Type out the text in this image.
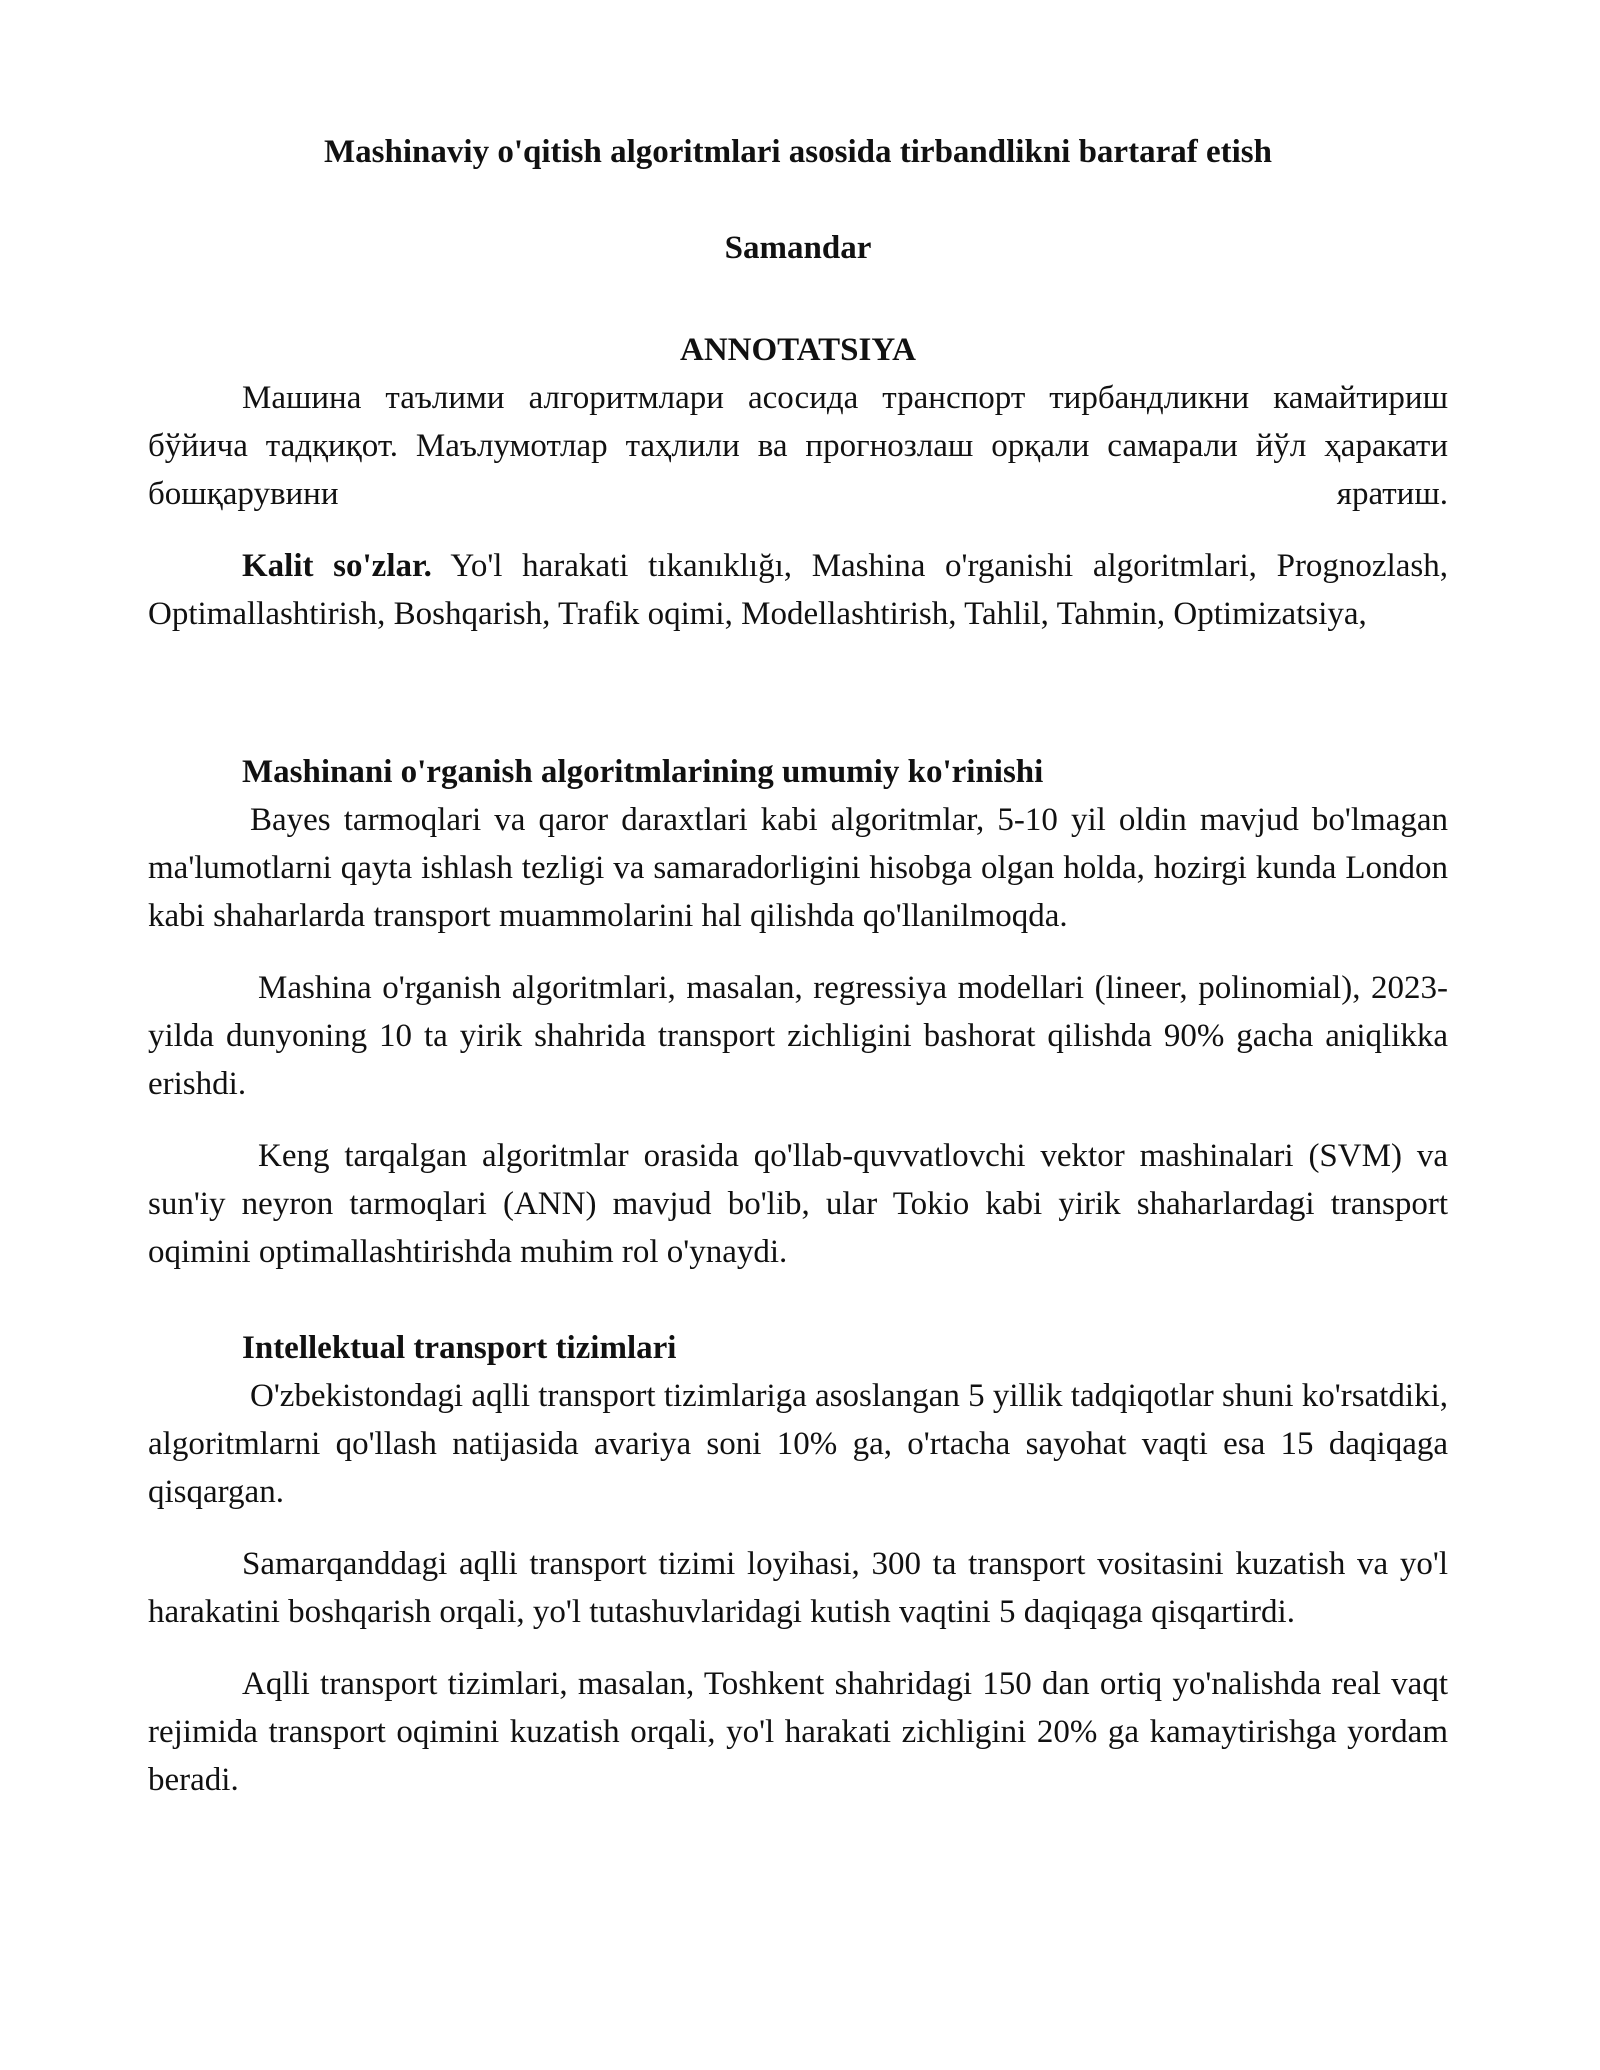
Mashinaviy o'qitish algoritmlari asosida tirbandlikni bartaraf etish
Samandar
ANNOTATSIYA

Машина таълими алгоритмлари асосида транспорт тирбандликни камайтириш бўйича тадқиқот. Маълумотлар таҳлили ва прогнозлаш орқали самарали йўл ҳаракати бошқарувини яратиш.

Kalit so'zlar. Yo'l harakati tıkanıklığı, Mashina o'rganishi algoritmlari, Prognozlash, Optimallashtirish, Boshqarish, Trafik oqimi, Modellashtirish, Tahlil, Tahmin, Optimizatsiya,

Mashinani o'rganish algoritmlarining umumiy ko'rinishi

Bayes tarmoqlari va qaror daraxtlari kabi algoritmlar, 5-10 yil oldin mavjud bo'lmagan ma'lumotlarni qayta ishlash tezligi va samaradorligini hisobga olgan holda, hozirgi kunda London kabi shaharlarda transport muammolarini hal qilishda qo'llanilmoqda.

Mashina o'rganish algoritmlari, masalan, regressiya modellari (lineer, polinomial), 2023-yilda dunyoning 10 ta yirik shahrida transport zichligini bashorat qilishda 90% gacha aniqlikka erishdi.

Keng tarqalgan algoritmlar orasida qo'llab-quvvatlovchi vektor mashinalari (SVM) va sun'iy neyron tarmoqlari (ANN) mavjud bo'lib, ular Tokio kabi yirik shaharlardagi transport oqimini optimallashtirishda muhim rol o'ynaydi.

Intellektual transport tizimlari

O'zbekistondagi aqlli transport tizimlariga asoslangan 5 yillik tadqiqotlar shuni ko'rsatdiki, algoritmlarni qo'llash natijasida avariya soni 10% ga, o'rtacha sayohat vaqti esa 15 daqiqaga qisqargan.

Samarqanddagi aqlli transport tizimi loyihasi, 300 ta transport vositasini kuzatish va yo'l harakatini boshqarish orqali, yo'l tutashuvlaridagi kutish vaqtini 5 daqiqaga qisqartirdi.

Aqlli transport tizimlari, masalan, Toshkent shahridagi 150 dan ortiq yo'nalishda real vaqt rejimida transport oqimini kuzatish orqali, yo'l harakati zichligini 20% ga kamaytirishga yordam beradi.
